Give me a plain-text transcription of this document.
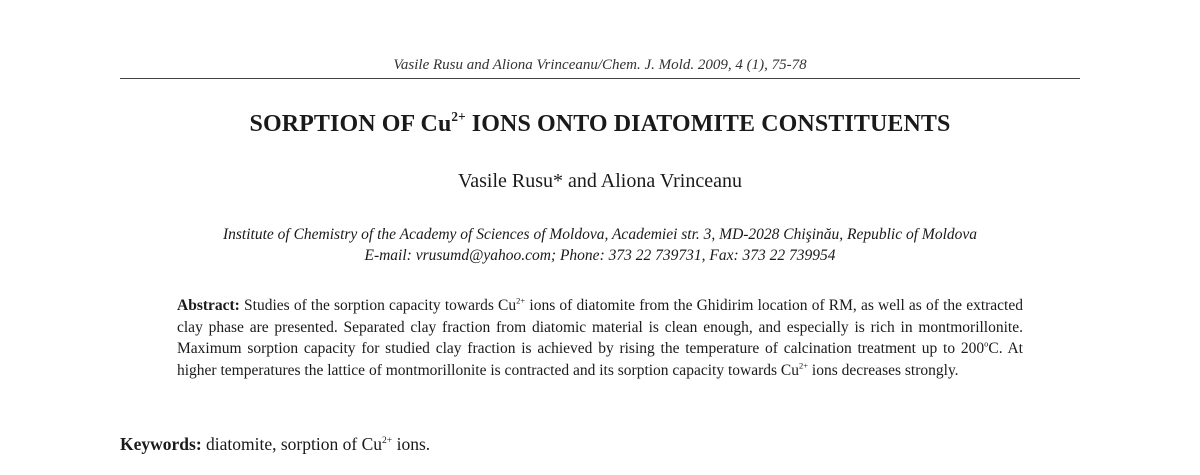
Vasile Rusu and Aliona Vrinceanu/Chem. J. Mold. 2009, 4 (1), 75-78
SORPTION OF $Cu^{2+}$ IONS ONTO DIATOMITE CONSTITUENTS
Vasile Rusu* and Aliona Vrinceanu
Institute of Chemistry of the Academy of Sciences of Moldova, Academiei str. 3, MD-2028 Chişinău, Republic of Moldova
E-mail: vrusumd@yahoo.com; Phone: 373 22 739731, Fax: 373 22 739954
Abstract: Studies of the sorption capacity towards $Cu^{2+}$ ions of diatomite from the Ghidirim location of RM, as well as of the extracted clay phase are presented. Separated clay fraction from diatomic material is clean enough, and especially is rich in montmorillonite. Maximum sorption capacity for studied clay fraction is achieved by rising the temperature of calcination treatment up to 200$^o$C. At higher temperatures the lattice of montmorillonite is contracted and its sorption capacity towards $Cu^{2+}$ ions decreases strongly.
Keywords: diatomite, sorption of $Cu^{2+}$ ions.
